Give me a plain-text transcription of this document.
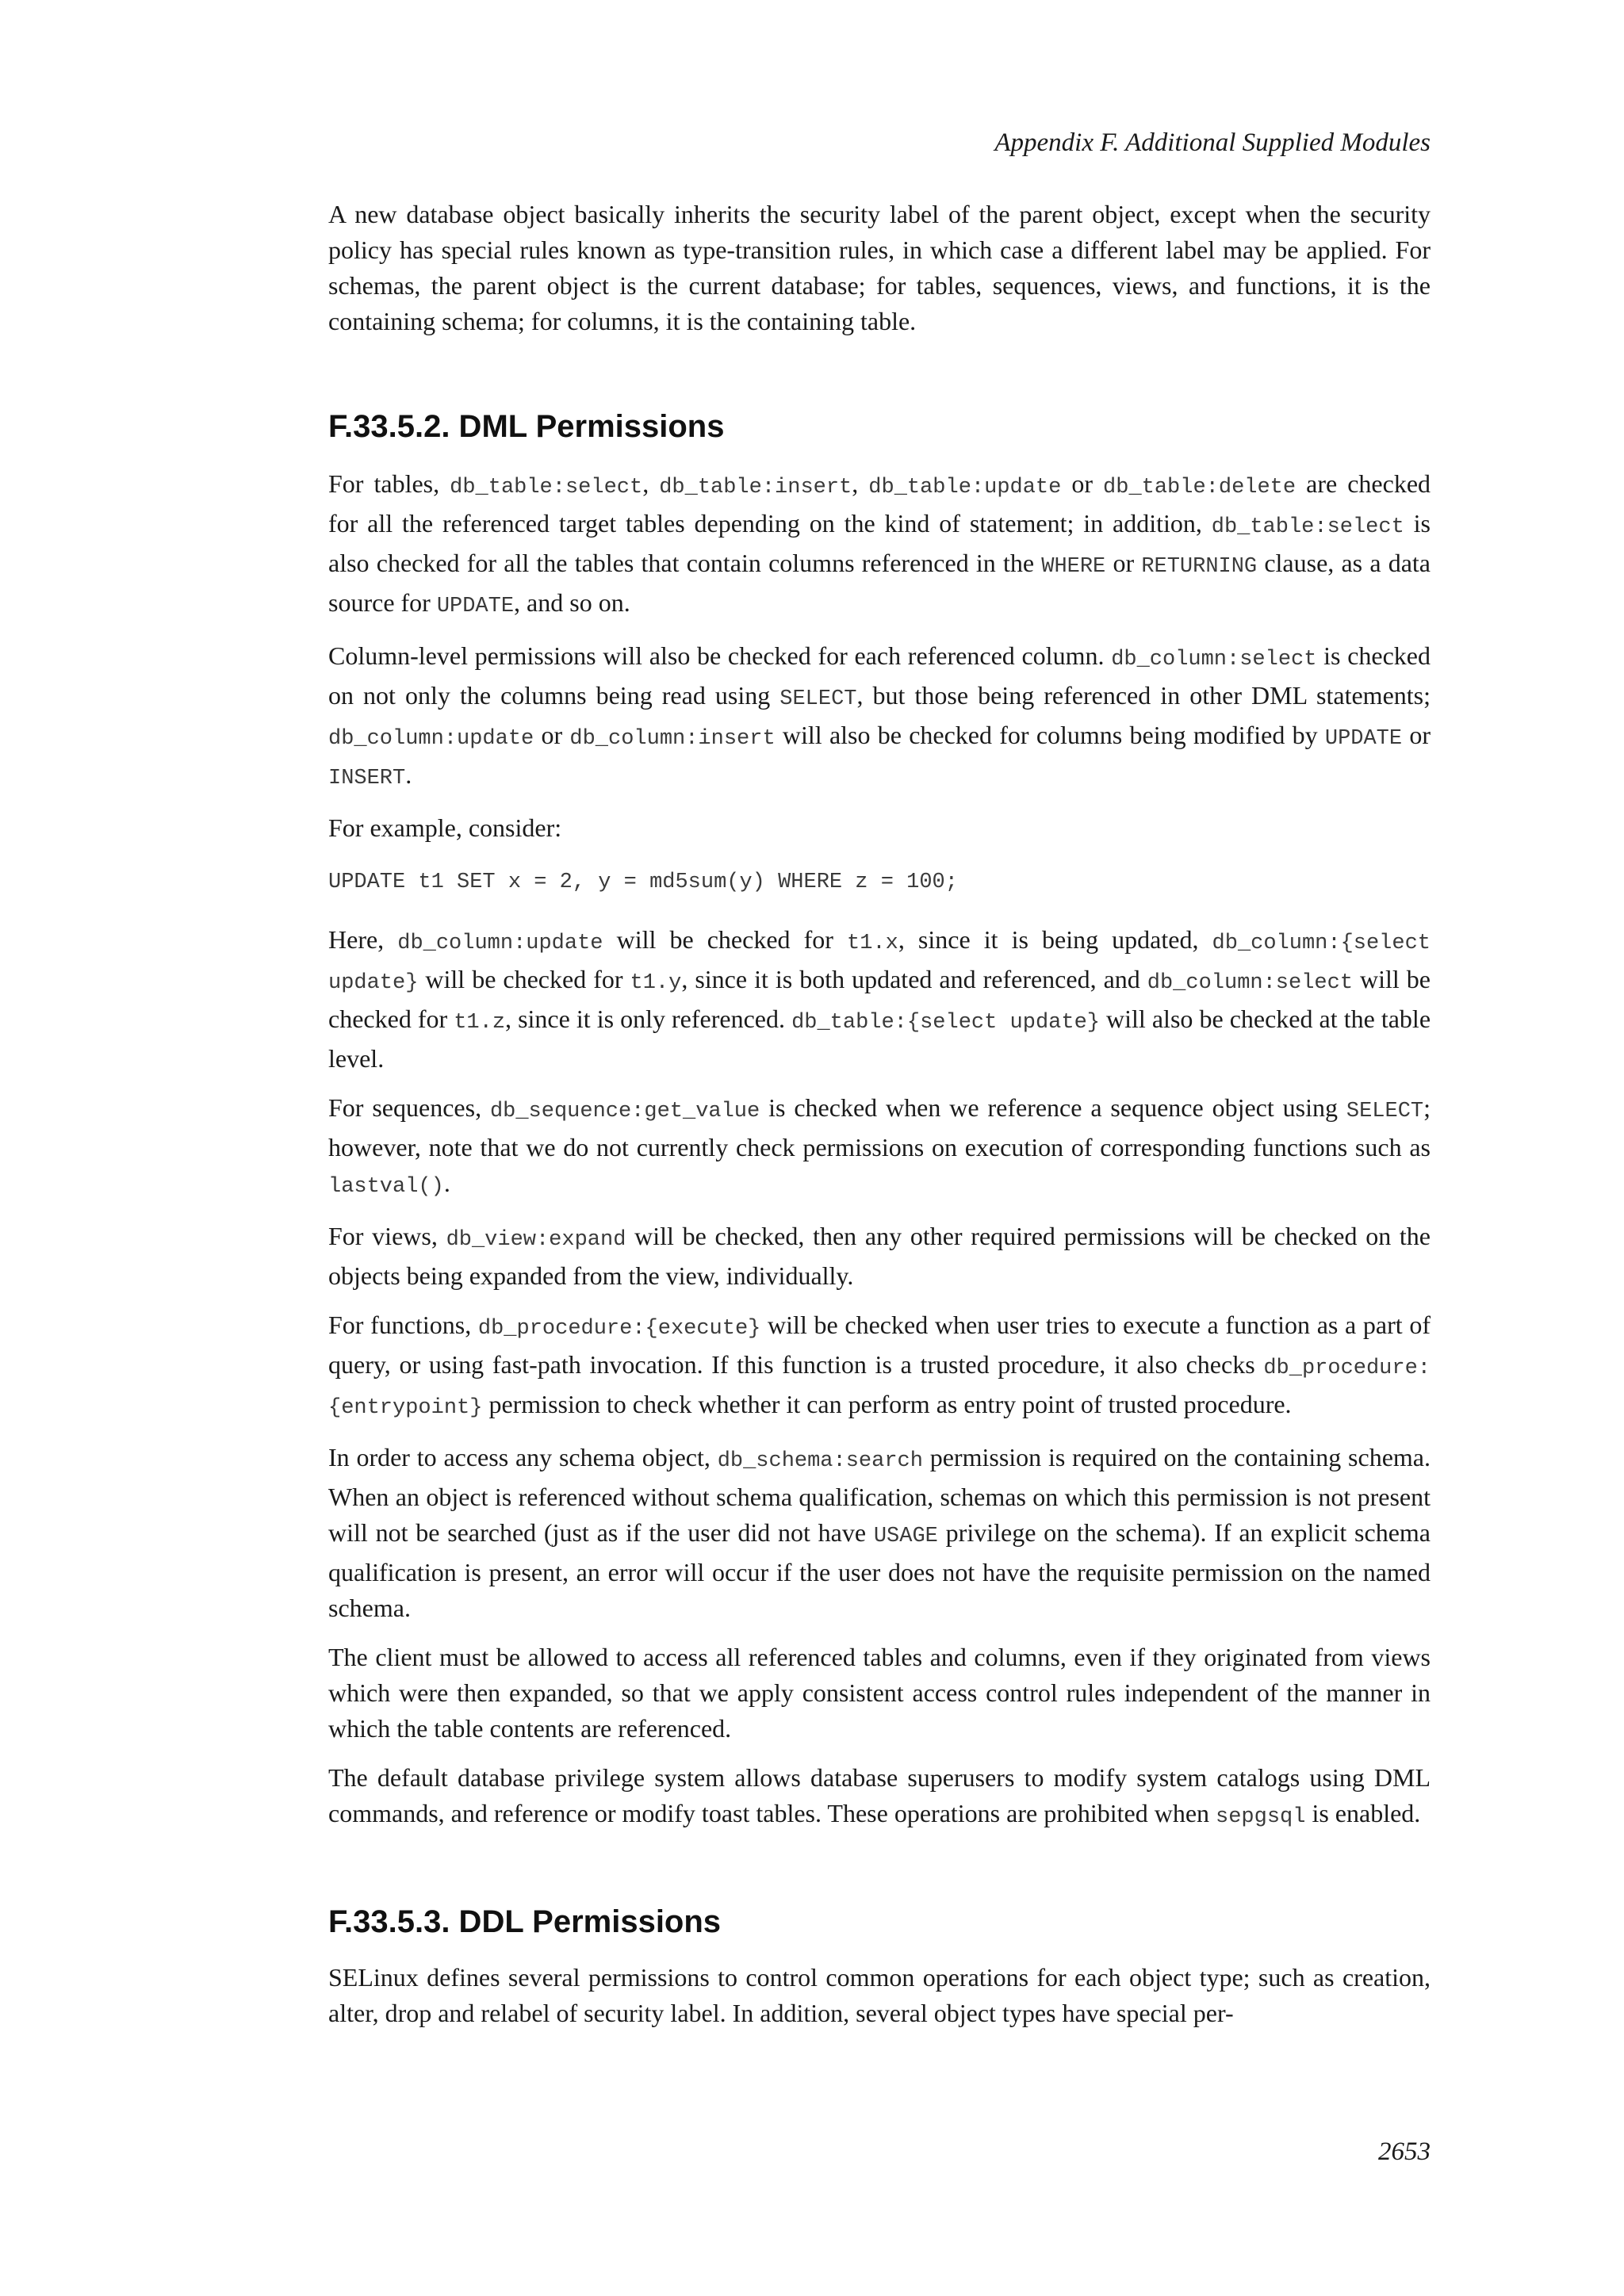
Appendix F. Additional Supplied Modules

A new database object basically inherits the security label of the parent object, except when the security policy has special rules known as type-transition rules, in which case a different label may be applied. For schemas, the parent object is the current database; for tables, sequences, views, and functions, it is the containing schema; for columns, it is the containing table.

F.33.5.2. DML Permissions

For tables, db_table:select, db_table:insert, db_table:update or db_table:delete are checked for all the referenced target tables depending on the kind of statement; in addition, db_table:select is also checked for all the tables that contain columns referenced in the WHERE or RETURNING clause, as a data source for UPDATE, and so on.

Column-level permissions will also be checked for each referenced column. db_column:select is checked on not only the columns being read using SELECT, but those being referenced in other DML statements; db_column:update or db_column:insert will also be checked for columns being modified by UPDATE or INSERT.

For example, consider:

UPDATE t1 SET x = 2, y = md5sum(y) WHERE z = 100;

Here, db_column:update will be checked for t1.x, since it is being updated, db_column:{select update} will be checked for t1.y, since it is both updated and referenced, and db_column:select will be checked for t1.z, since it is only referenced. db_table:{select update} will also be checked at the table level.

For sequences, db_sequence:get_value is checked when we reference a sequence object using SELECT; however, note that we do not currently check permissions on execution of corresponding functions such as lastval().

For views, db_view:expand will be checked, then any other required permissions will be checked on the objects being expanded from the view, individually.

For functions, db_procedure:{execute} will be checked when user tries to execute a function as a part of query, or using fast-path invocation. If this function is a trusted procedure, it also checks db_procedure:{entrypoint} permission to check whether it can perform as entry point of trusted procedure.

In order to access any schema object, db_schema:search permission is required on the containing schema. When an object is referenced without schema qualification, schemas on which this permission is not present will not be searched (just as if the user did not have USAGE privilege on the schema). If an explicit schema qualification is present, an error will occur if the user does not have the requisite permission on the named schema.

The client must be allowed to access all referenced tables and columns, even if they originated from views which were then expanded, so that we apply consistent access control rules independent of the manner in which the table contents are referenced.

The default database privilege system allows database superusers to modify system catalogs using DML commands, and reference or modify toast tables. These operations are prohibited when sepgsql is enabled.

F.33.5.3. DDL Permissions

SELinux defines several permissions to control common operations for each object type; such as creation, alter, drop and relabel of security label. In addition, several object types have special per-

2653
